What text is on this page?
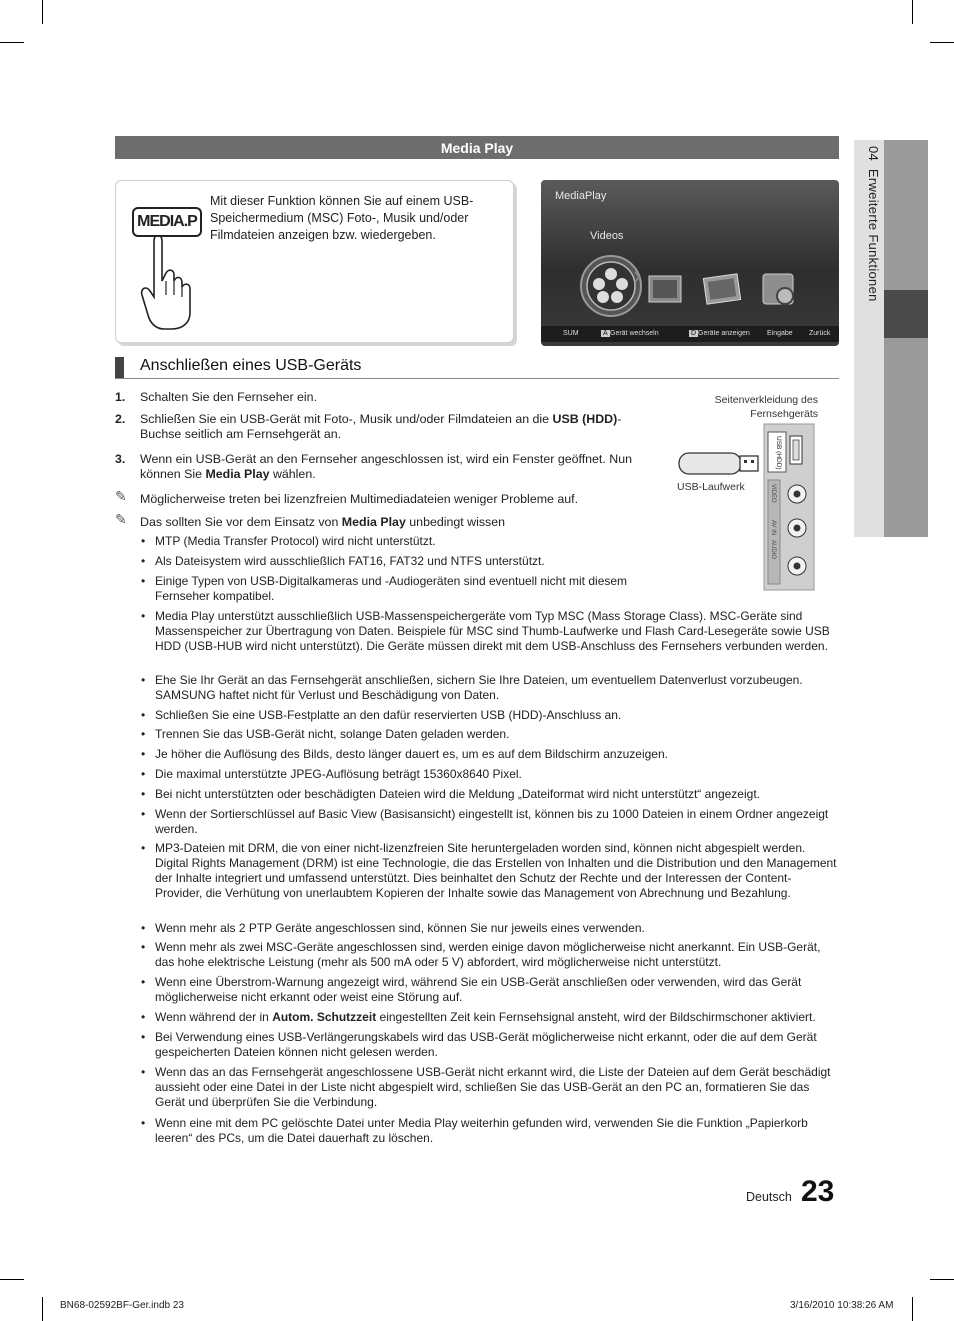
04  Erweiterte Funktionen
Media Play
MEDIA.P
Mit dieser Funktion können Sie auf einem USB-Speichermedium (MSC) Foto-, Musik und/oder Filmdateien anzeigen bzw. wiedergeben.
MediaPlay
Videos
SUM	A Gerät wechseln	D Geräte anzeigen Eingabe Zurück
Anschließen eines USB-Geräts
1. Schalten Sie den Fernseher ein.
2. Schließen Sie ein USB-Gerät mit Foto-, Musik und/oder Filmdateien an die USB (HDD)-Buchse seitlich am Fernsehgerät an.
3. Wenn ein USB-Gerät an den Fernseher angeschlossen ist, wird ein Fenster geöffnet. Nun können Sie Media Play wählen.
✎ Möglicherweise treten bei lizenzfreien Multimediadateien weniger Probleme auf.
✎ Das sollten Sie vor dem Einsatz von Media Play unbedingt wissen
Seitenverkleidung des Fernsehgeräts
USB-Laufwerk
USB (HDD)
VIDEO
AV IN
AUDIO
• MTP (Media Transfer Protocol) wird nicht unterstützt.
• Als Dateisystem wird ausschließlich FAT16, FAT32 und NTFS unterstützt.
• Einige Typen von USB-Digitalkameras und -Audiogeräten sind eventuell nicht mit diesem Fernseher kompatibel.
• Media Play unterstützt ausschließlich USB-Massenspeichergeräte vom Typ MSC (Mass Storage Class). MSC-Geräte sind Massenspeicher zur Übertragung von Daten. Beispiele für MSC sind Thumb-Laufwerke und Flash Card-Lesegeräte sowie USB HDD (USB-HUB wird nicht unterstützt). Die Geräte müssen direkt mit dem USB-Anschluss des Fernsehers verbunden werden.
• Ehe Sie Ihr Gerät an das Fernsehgerät anschließen, sichern Sie Ihre Dateien, um eventuellem Datenverlust vorzubeugen. SAMSUNG haftet nicht für Verlust und Beschädigung von Daten.
• Schließen Sie eine USB-Festplatte an den dafür reservierten USB (HDD)-Anschluss an.
• Trennen Sie das USB-Gerät nicht, solange Daten geladen werden.
• Je höher die Auflösung des Bilds, desto länger dauert es, um es auf dem Bildschirm anzuzeigen.
• Die maximal unterstützte JPEG-Auflösung beträgt 15360x8640 Pixel.
• Bei nicht unterstützten oder beschädigten Dateien wird die Meldung „Dateiformat wird nicht unterstützt“ angezeigt.
• Wenn der Sortierschlüssel auf Basic View (Basisansicht) eingestellt ist, können bis zu 1000 Dateien in einem Ordner angezeigt werden.
• MP3-Dateien mit DRM, die von einer nicht-lizenzfreien Site heruntergeladen worden sind, können nicht abgespielt werden. Digital Rights Management (DRM) ist eine Technologie, die das Erstellen von Inhalten und die Distribution und den Management der Inhalte integriert und umfassend unterstützt. Dies beinhaltet den Schutz der Rechte und der Interessen der Content-Provider, die Verhütung von unerlaubtem Kopieren der Inhalte sowie das Management von Abrechnung und Bezahlung.
• Wenn mehr als 2 PTP Geräte angeschlossen sind, können Sie nur jeweils eines verwenden.
• Wenn mehr als zwei MSC-Geräte angeschlossen sind, werden einige davon möglicherweise nicht anerkannt. Ein USB-Gerät, das hohe elektrische Leistung (mehr als 500 mA oder 5 V) abfordert, wird möglicherweise nicht unterstützt.
• Wenn eine Überstrom-Warnung angezeigt wird, während Sie ein USB-Gerät anschließen oder verwenden, wird das Gerät möglicherweise nicht erkannt oder weist eine Störung auf.
• Wenn während der in Autom. Schutzzeit eingestellten Zeit kein Fernsehsignal ansteht, wird der Bildschirmschoner aktiviert.
• Bei Verwendung eines USB-Verlängerungskabels wird das USB-Gerät möglicherweise nicht erkannt, oder die auf dem Gerät gespeicherten Dateien können nicht gelesen werden.
• Wenn das an das Fernsehgerät angeschlossene USB-Gerät nicht erkannt wird, die Liste der Dateien auf dem Gerät beschädigt aussieht oder eine Datei in der Liste nicht abgespielt wird, schließen Sie das USB-Gerät an den PC an, formatieren Sie das Gerät und überprüfen Sie die Verbindung.
• Wenn eine mit dem PC gelöschte Datei unter Media Play weiterhin gefunden wird, verwenden Sie die Funktion „Papierkorb leeren“ des PCs, um die Datei dauerhaft zu löschen.
Deutsch 23
BN68-02592BF-Ger.indb 23	3/16/2010 10:38:26 AM
